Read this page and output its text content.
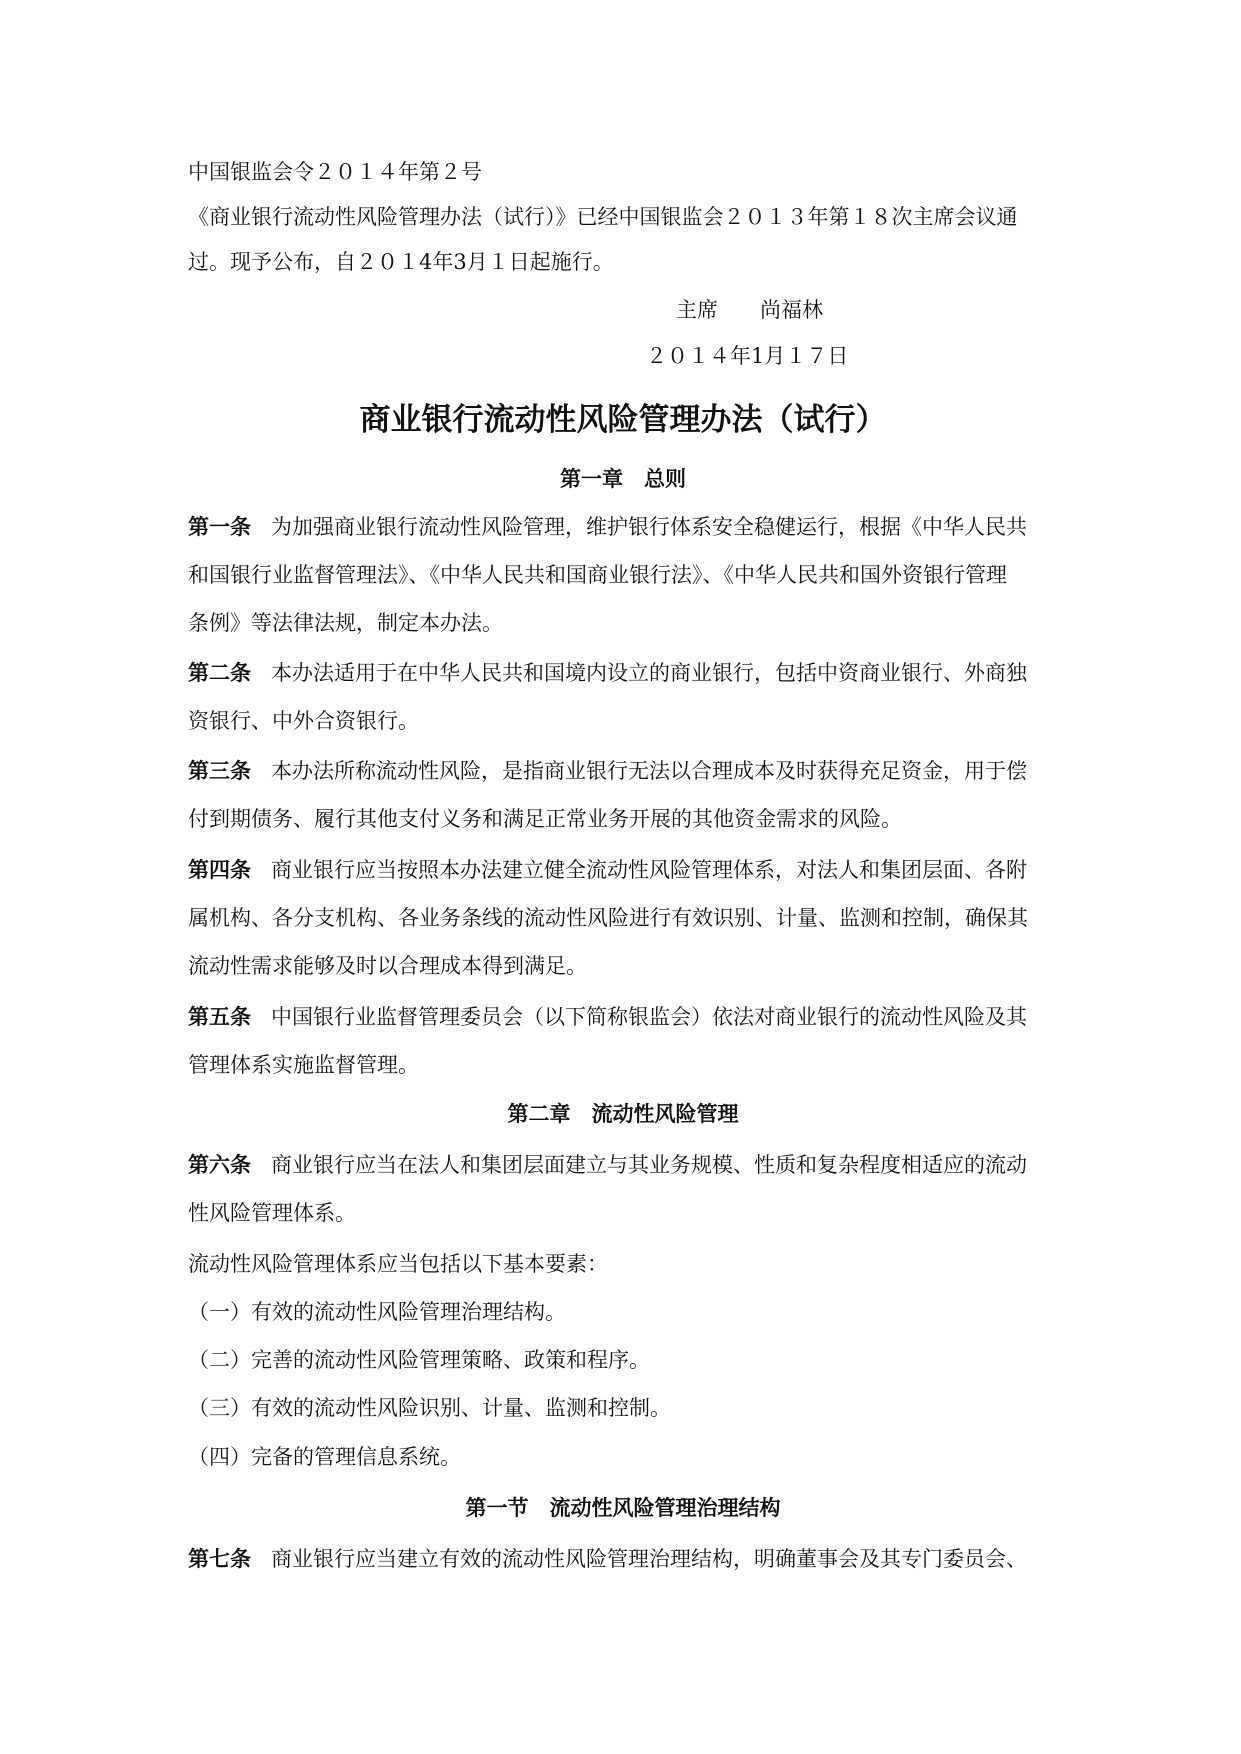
中国银监会令２０１４年第２号
《商业银行流动性风险管理办法（试行）》已经中国银监会２０１３年第１８次主席会议通
过。现予公布，自２０１4年3月１日起施行。
主席　　尚福林
２０１４年1月１７日
商业银行流动性风险管理办法（试行）
第一章　总则
第一条 为加强商业银行流动性风险管理，维护银行体系安全稳健运行，根据《中华人民共
和国银行业监督管理法》、《中华人民共和国商业银行法》、《中华人民共和国外资银行管理
条例》等法律法规，制定本办法。
第二条 本办法适用于在中华人民共和国境内设立的商业银行，包括中资商业银行、外商独
资银行、中外合资银行。
第三条 本办法所称流动性风险，是指商业银行无法以合理成本及时获得充足资金，用于偿
付到期债务、履行其他支付义务和满足正常业务开展的其他资金需求的风险。
第四条 商业银行应当按照本办法建立健全流动性风险管理体系，对法人和集团层面、各附
属机构、各分支机构、各业务条线的流动性风险进行有效识别、计量、监测和控制，确保其
流动性需求能够及时以合理成本得到满足。
第五条 中国银行业监督管理委员会（以下简称银监会）依法对商业银行的流动性风险及其
管理体系实施监督管理。
第二章　流动性风险管理
第六条 商业银行应当在法人和集团层面建立与其业务规模、性质和复杂程度相适应的流动
性风险管理体系。
流动性风险管理体系应当包括以下基本要素：
（一）有效的流动性风险管理治理结构。
（二）完善的流动性风险管理策略、政策和程序。
（三）有效的流动性风险识别、计量、监测和控制。
（四）完备的管理信息系统。
第一节　流动性风险管理治理结构
第七条 商业银行应当建立有效的流动性风险管理治理结构，明确董事会及其专门委员会、
